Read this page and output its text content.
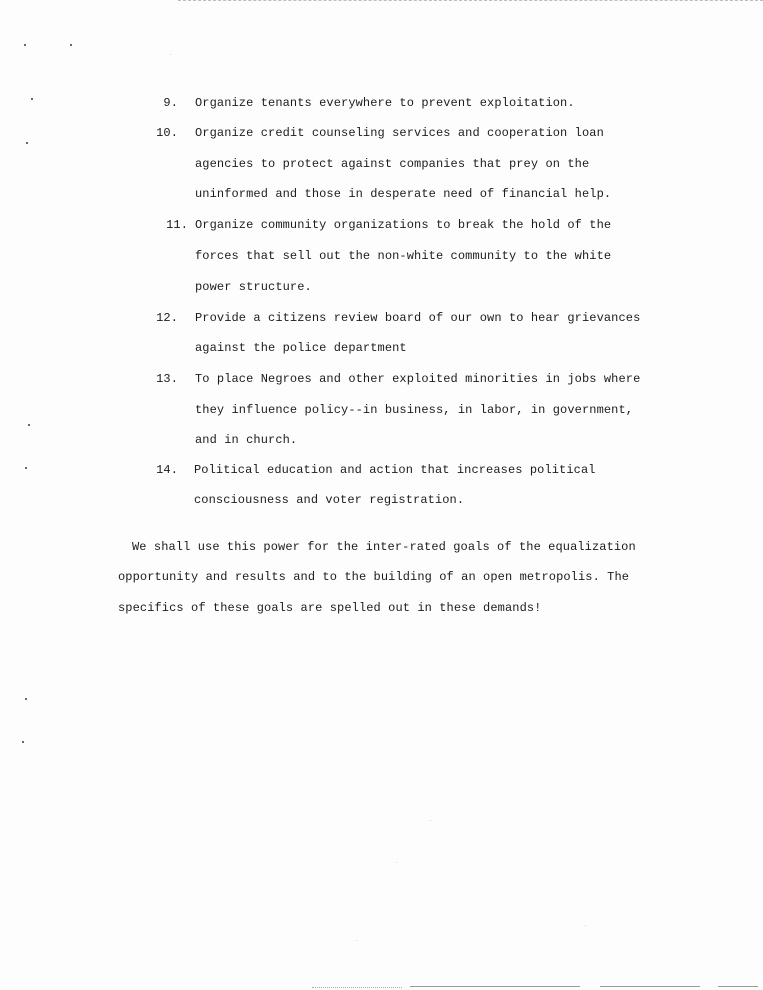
9. Organize tenants everywhere to prevent exploitation.
10. Organize credit counseling services and cooperation loan
agencies to protect against companies that prey on the
uninformed and those in desperate need of financial help.
11. Organize community organizations to break the hold of the
forces that sell out the non-white community to the white
power structure.
12. Provide a citizens review board of our own to hear grievances
against the police department
13. To place Negroes and other exploited minorities in jobs where
they influence policy--in business, in labor, in government,
and in church.
14. Political education and action that increases political
consciousness and voter registration.
We shall use this power for the inter-rated goals of the equalization
opportunity and results and to the building of an open metropolis. The
specifics of these goals are spelled out in these demands!
